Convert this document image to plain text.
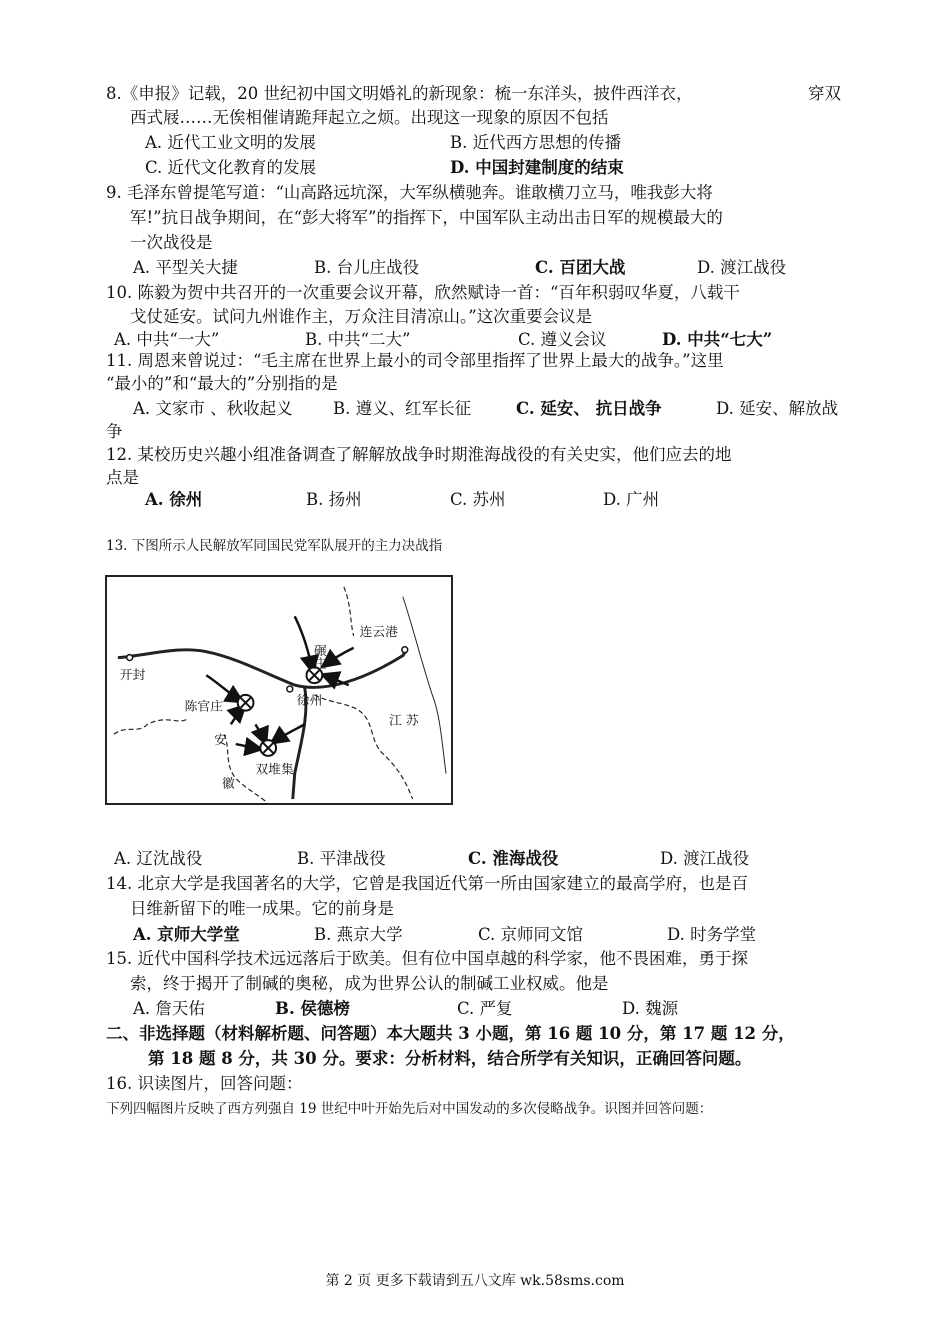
8.《申报》记载，20 世纪初中国文明婚礼的新现象：梳一东洋头，披件西洋衣，	穿双
西式屐……无俟相催请跪拜起立之烦。出现这一现象的原因不包括
A. 近代工业文明的发展	B. 近代西方思想的传播
C. 近代文化教育的发展	D. 中国封建制度的结束
9. 毛泽东曾提笔写道：“山高路远坑深，大军纵横驰奔。谁敢横刀立马，唯我彭大将
军!”抗日战争期间，在“彭大将军”的指挥下，中国军队主动出击日军的规模最大的
一次战役是
A. 平型关大捷	B. 台儿庄战役	C. 百团大战	D. 渡江战役
10. 陈毅为贺中共召开的一次重要会议开幕，欣然赋诗一首：“百年积弱叹华夏，八载干
戈仗延安。试问九州谁作主，万众注目清凉山。”这次重要会议是
A. 中共“一大”	B. 中共“二大”	C. 遵义会议	D. 中共“七大”
11. 周恩来曾说过：“毛主席在世界上最小的司令部里指挥了世界上最大的战争。”这里
“最小的”和“最大的”分别指的是
A. 文家市 、秋收起义 B. 遵义、红军长征	C. 延安、 抗日战争	D. 延安、解放战
争
12. 某校历史兴趣小组准备调查了解解放战争时期淮海战役的有关史实，他们应去的地
点是
A. 徐州	B. 扬州	C. 苏州	D. 广州
13. 下图所示人民解放军同国民党军队展开的主力决战指
开封
碾庄
连云港
徐州
陈官庄
江 苏
安
徽
双堆集
A. 辽沈战役	B. 平津战役	C. 淮海战役	D. 渡江战役
14. 北京大学是我国著名的大学，它曾是我国近代第一所由国家建立的最高学府，也是百
日维新留下的唯一成果。它的前身是
A. 京师大学堂	B. 燕京大学	C. 京师同文馆	D. 时务学堂
15. 近代中国科学技术远远落后于欧美。但有位中国卓越的科学家，他不畏困难，勇于探
索，终于揭开了制碱的奥秘，成为世界公认的制碱工业权威。他是
A. 詹天佑	B. 侯德榜	C. 严复	D. 魏源
二、非选择题（材料解析题、问答题）本大题共 3 小题，第 16 题 10 分，第 17 题 12 分，
第 18 题 8 分，共 30 分。要求：分析材料，结合所学有关知识，正确回答问题。
16. 识读图片，回答问题：
下列四幅图片反映了西方列强自 19 世纪中叶开始先后对中国发动的多次侵略战争。识图并回答问题：
第 2 页 更多下载请到五八文库 wk.58sms.com
